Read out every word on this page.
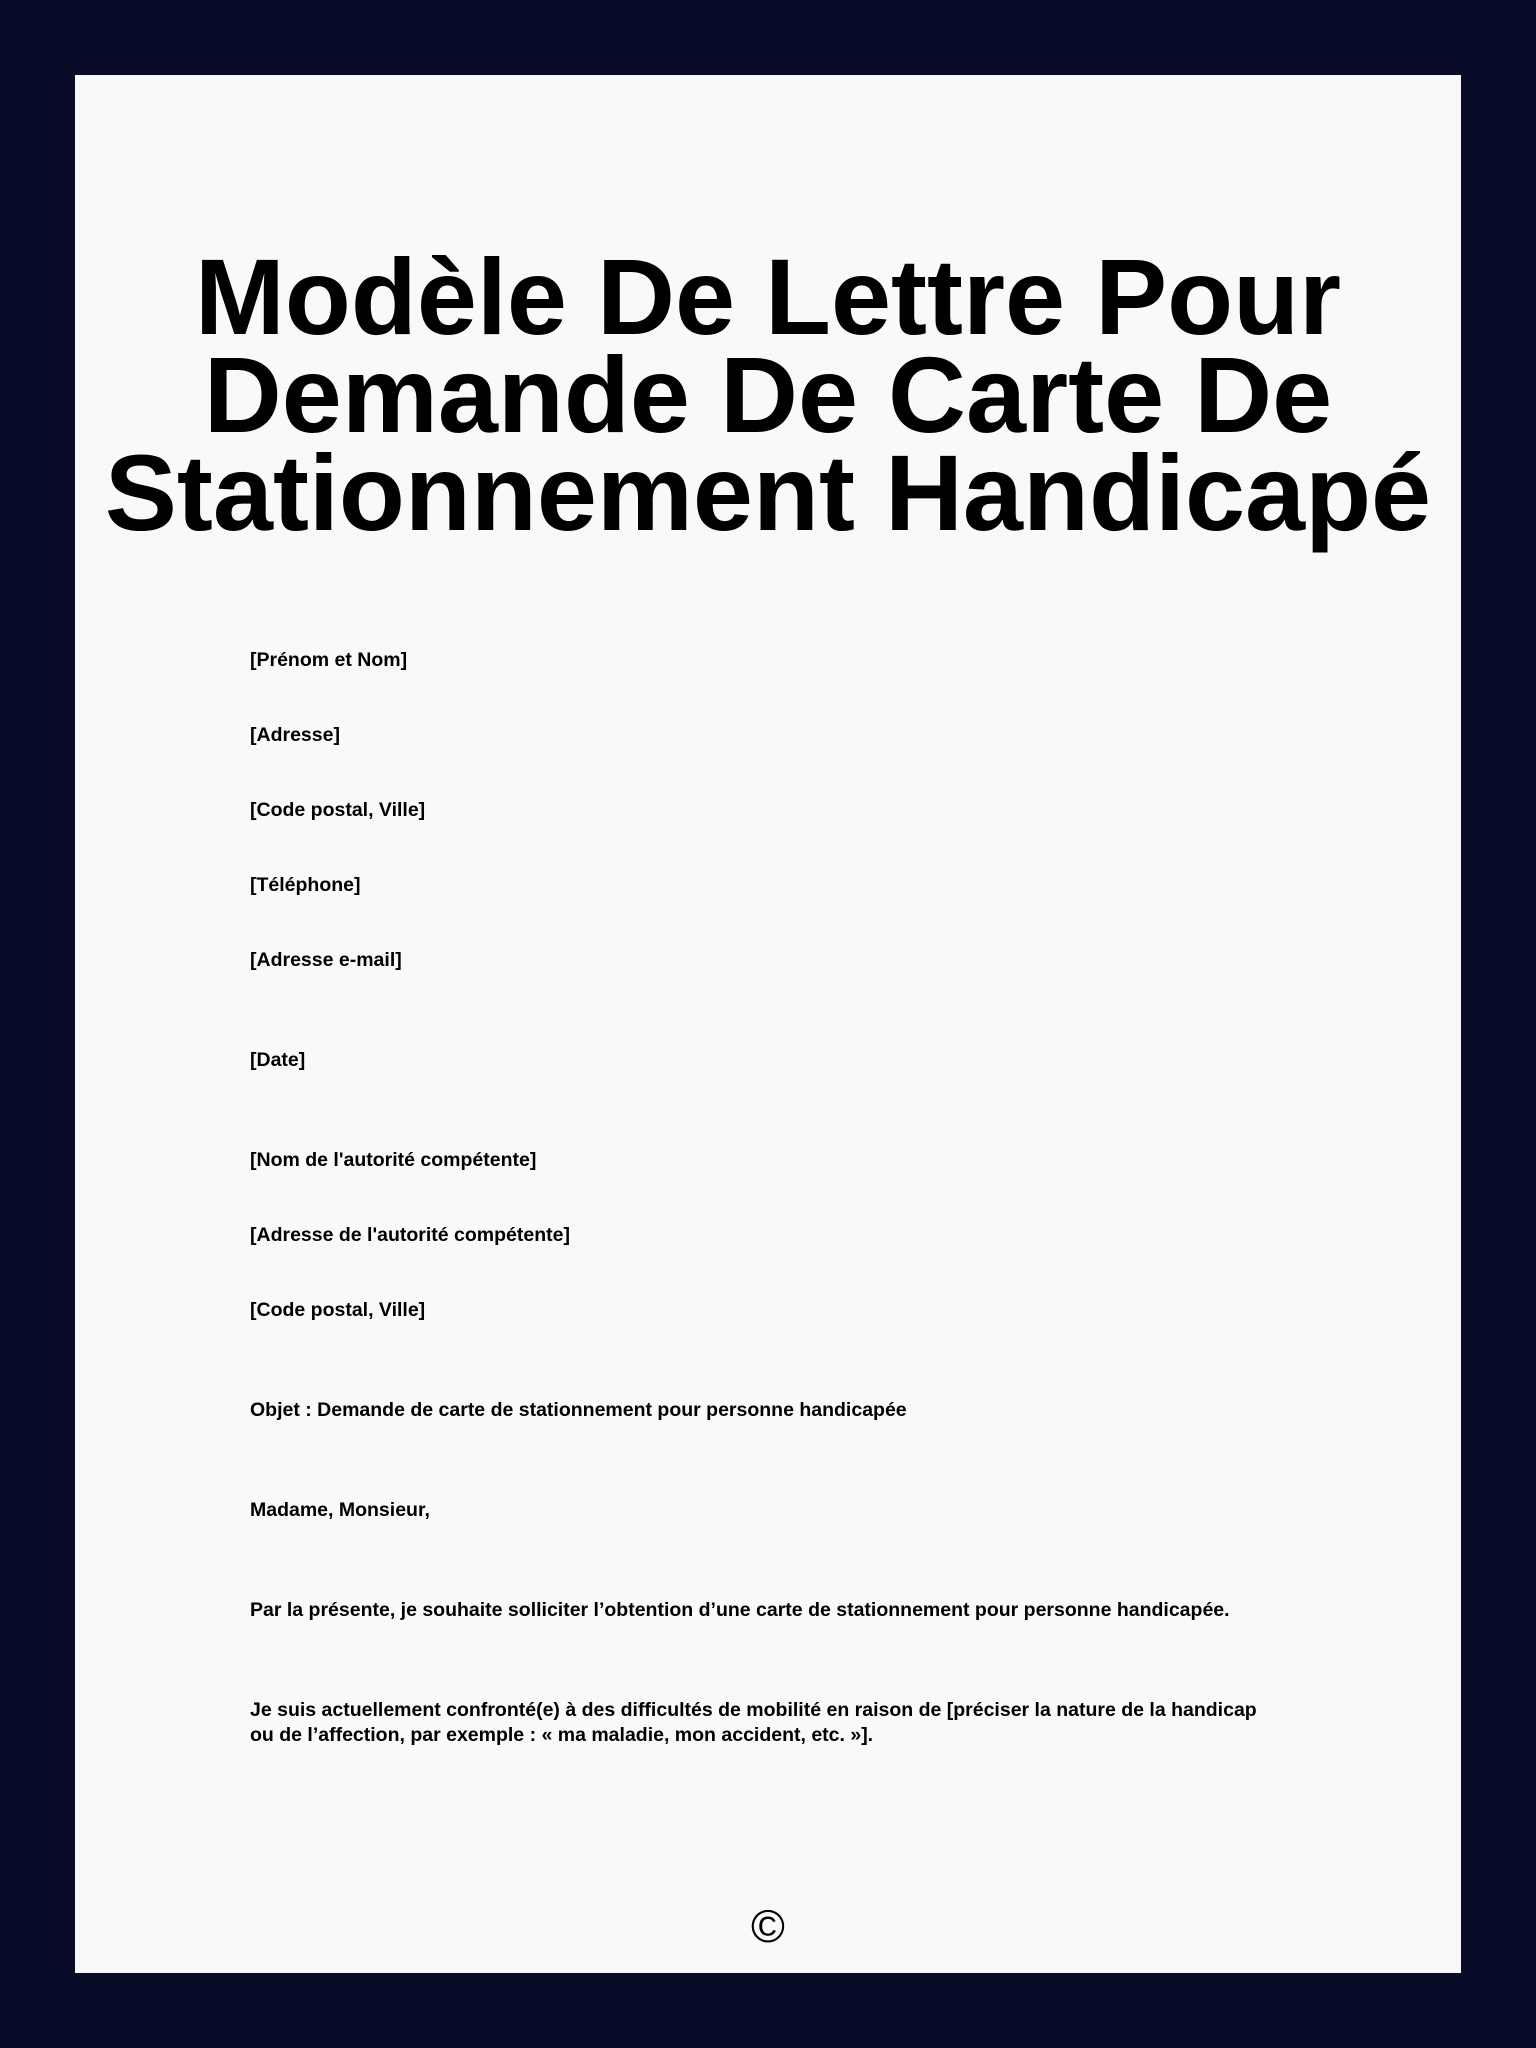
Modèle De Lettre Pour
Demande De Carte De
Stationnement Handicapé

[Prénom et Nom]

[Adresse]

[Code postal, Ville]

[Téléphone]

[Adresse e-mail]

[Date]

[Nom de l'autorité compétente]

[Adresse de l'autorité compétente]

[Code postal, Ville]

Objet : Demande de carte de stationnement pour personne handicapée

Madame, Monsieur,

Par la présente, je souhaite solliciter l’obtention d’une carte de stationnement pour personne handicapée.

Je suis actuellement confronté(e) à des difficultés de mobilité en raison de [préciser la nature de la handicap ou de l’affection, par exemple : « ma maladie, mon accident, etc. »].

©
